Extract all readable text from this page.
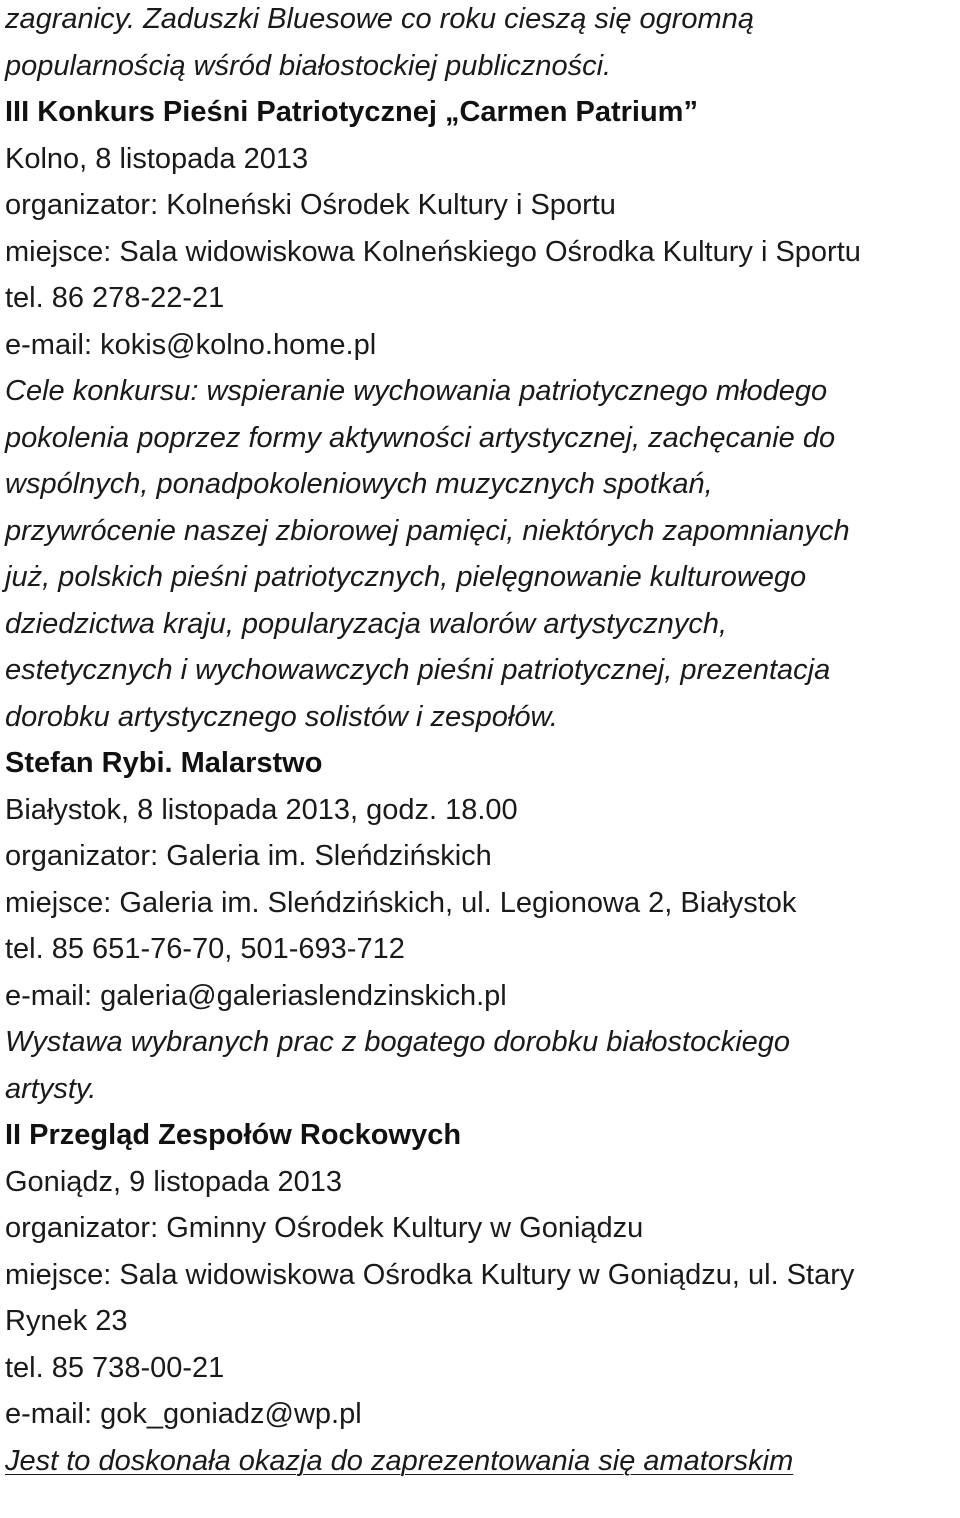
zagranicy. Zaduszki Bluesowe co roku cieszą się ogromną
popularnością wśród białostockiej publiczności.
III Konkurs Pieśni Patriotycznej „Carmen Patrium”
Kolno, 8 listopada 2013
organizator: Kolneński Ośrodek Kultury i Sportu
miejsce: Sala widowiskowa Kolneńskiego Ośrodka Kultury i Sportu
tel. 86 278-22-21
e-mail: kokis@kolno.home.pl
Cele konkursu: wspieranie wychowania patriotycznego młodego
pokolenia poprzez formy aktywności artystycznej, zachęcanie do
wspólnych, ponadpokoleniowych muzycznych spotkań,
przywrócenie naszej zbiorowej pamięci, niektórych zapomnianych
już, polskich pieśni patriotycznych, pielęgnowanie kulturowego
dziedzictwa kraju, popularyzacja walorów artystycznych,
estetycznych i wychowawczych pieśni patriotycznej, prezentacja
dorobku artystycznego solistów i zespołów.
Stefan Rybi. Malarstwo
Białystok, 8 listopada 2013, godz. 18.00
organizator: Galeria im. Sleńdzińskich
miejsce: Galeria im. Sleńdzińskich, ul. Legionowa 2, Białystok
tel. 85 651-76-70, 501-693-712
e-mail: galeria@galeriaslendzinskich.pl
Wystawa wybranych prac z bogatego dorobku białostockiego
artysty.
II Przegląd Zespołów Rockowych
Goniądz, 9 listopada 2013
organizator: Gminny Ośrodek Kultury w Goniądzu
miejsce: Sala widowiskowa Ośrodka Kultury w Goniądzu, ul. Stary
Rynek 23
tel. 85 738-00-21
e-mail: gok_goniadz@wp.pl
Jest to doskonała okazja do zaprezentowania się amatorskim
